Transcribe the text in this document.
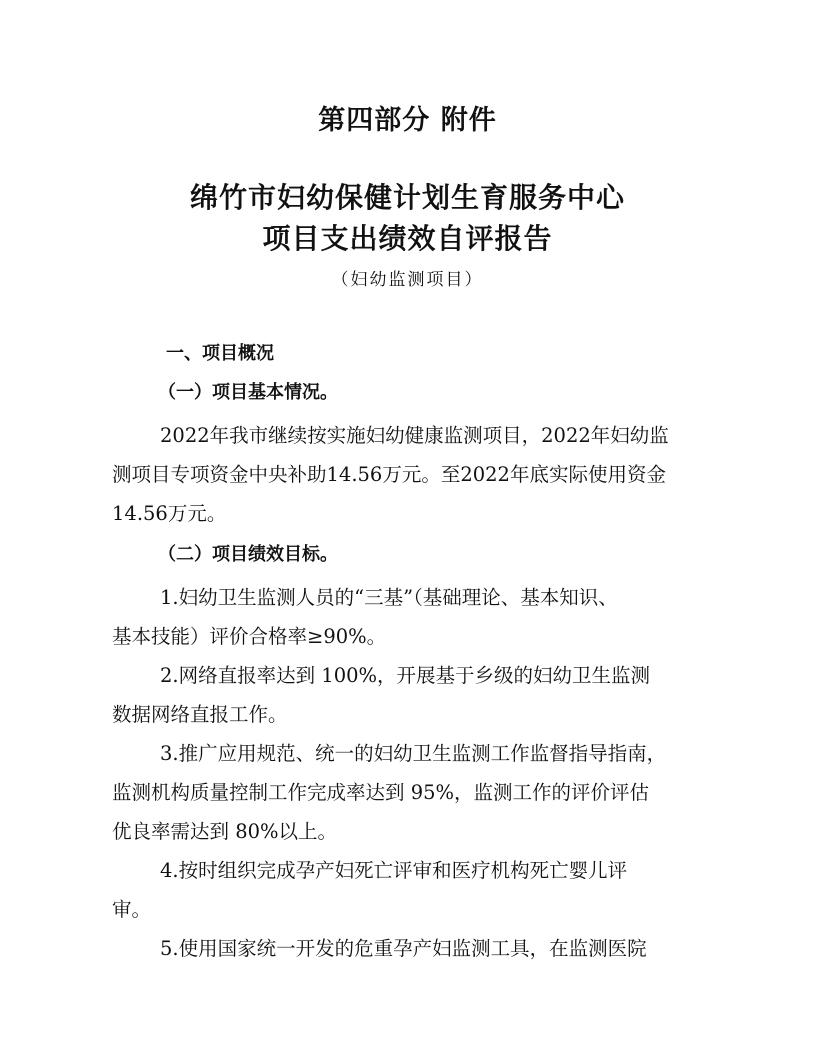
第四部分 附件
绵竹市妇幼保健计划生育服务中心
项目支出绩效自评报告
（妇幼监测项目）
一、项目概况
（一）项目基本情况。
2022年我市继续按实施妇幼健康监测项目，2022年妇幼监
测项目专项资金中央补助14.56万元。至2022年底实际使用资金
14.56万元。
（二）项目绩效目标。
1.妇幼卫生监测人员的“三基”（基础理论、基本知识、
基本技能）评价合格率≥90%。
2.网络直报率达到 100%，开展基于乡级的妇幼卫生监测
数据网络直报工作。
3.推广应用规范、统一的妇幼卫生监测工作监督指导指南，
监测机构质量控制工作完成率达到 95%，监测工作的评价评估
优良率需达到 80%以上。
4.按时组织完成孕产妇死亡评审和医疗机构死亡婴儿评
审。
5.使用国家统一开发的危重孕产妇监测工具，在监测医院
